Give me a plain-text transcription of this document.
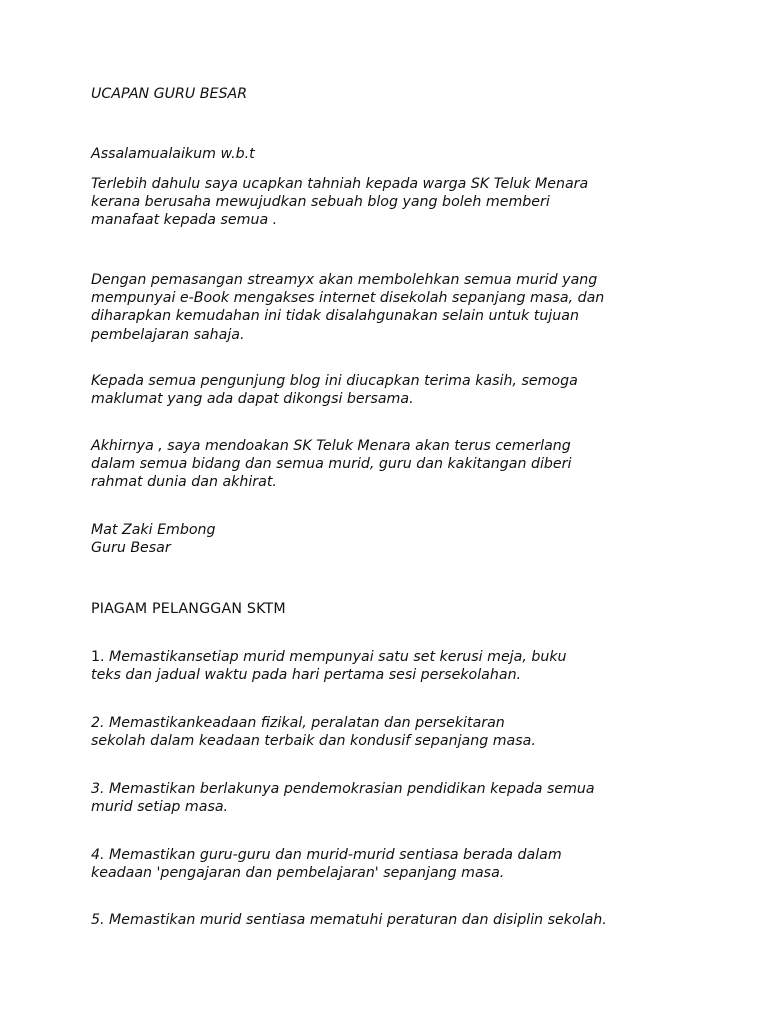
UCAPAN GURU BESAR

Assalamualaikum w.b.t

Terlebih dahulu saya ucapkan tahniah kepada warga SK Teluk Menara
kerana berusaha mewujudkan sebuah blog yang boleh memberi
manafaat kepada semua .

Dengan pemasangan streamyx akan membolehkan semua murid yang
mempunyai e-Book mengakses internet disekolah sepanjang masa, dan
diharapkan kemudahan ini tidak disalahgunakan selain untuk tujuan
pembelajaran sahaja.

Kepada semua pengunjung blog ini diucapkan terima kasih, semoga
maklumat yang ada dapat dikongsi bersama.

Akhirnya , saya mendoakan SK Teluk Menara akan terus cemerlang
dalam semua bidang dan semua murid, guru dan kakitangan diberi
rahmat dunia dan akhirat.

Mat Zaki Embong
Guru Besar

PIAGAM PELANGGAN SKTM

1. Memastikansetiap murid mempunyai satu set kerusi meja, buku
teks dan jadual waktu pada hari pertama sesi persekolahan.

2. Memastikankeadaan fizikal, peralatan dan persekitaran
sekolah dalam keadaan terbaik dan kondusif sepanjang masa.

3. Memastikan berlakunya pendemokrasian pendidikan kepada semua
murid setiap masa.

4. Memastikan guru-guru dan murid-murid sentiasa berada dalam
keadaan 'pengajaran dan pembelajaran' sepanjang masa.

5. Memastikan murid sentiasa mematuhi peraturan dan disiplin sekolah.
